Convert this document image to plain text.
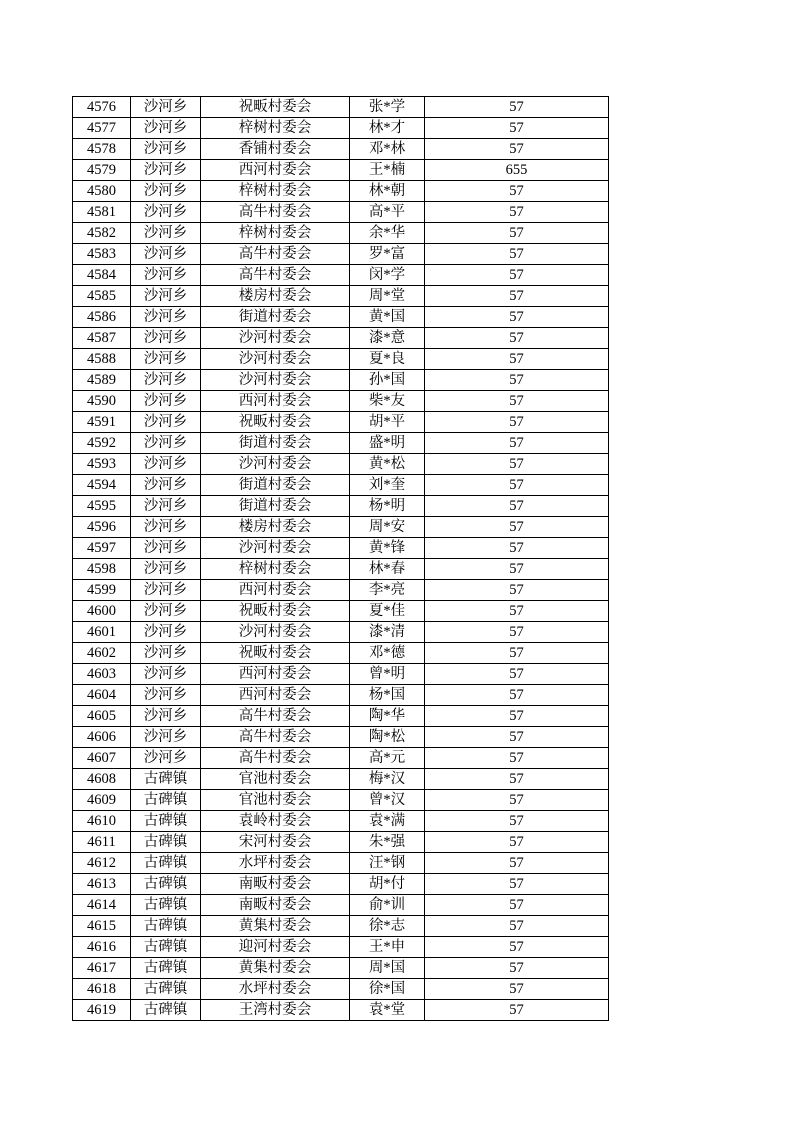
4576	沙河乡	祝畈村委会	张*学	57
4577	沙河乡	梓树村委会	林*才	57
4578	沙河乡	香铺村委会	邓*林	57
4579	沙河乡	西河村委会	王*楠	655
4580	沙河乡	梓树村委会	林*朝	57
4581	沙河乡	高牛村委会	高*平	57
4582	沙河乡	梓树村委会	余*华	57
4583	沙河乡	高牛村委会	罗*富	57
4584	沙河乡	高牛村委会	闵*学	57
4585	沙河乡	楼房村委会	周*堂	57
4586	沙河乡	街道村委会	黄*国	57
4587	沙河乡	沙河村委会	漆*意	57
4588	沙河乡	沙河村委会	夏*良	57
4589	沙河乡	沙河村委会	孙*国	57
4590	沙河乡	西河村委会	柴*友	57
4591	沙河乡	祝畈村委会	胡*平	57
4592	沙河乡	街道村委会	盛*明	57
4593	沙河乡	沙河村委会	黄*松	57
4594	沙河乡	街道村委会	刘*奎	57
4595	沙河乡	街道村委会	杨*明	57
4596	沙河乡	楼房村委会	周*安	57
4597	沙河乡	沙河村委会	黄*锋	57
4598	沙河乡	梓树村委会	林*春	57
4599	沙河乡	西河村委会	李*亮	57
4600	沙河乡	祝畈村委会	夏*佳	57
4601	沙河乡	沙河村委会	漆*清	57
4602	沙河乡	祝畈村委会	邓*德	57
4603	沙河乡	西河村委会	曾*明	57
4604	沙河乡	西河村委会	杨*国	57
4605	沙河乡	高牛村委会	陶*华	57
4606	沙河乡	高牛村委会	陶*松	57
4607	沙河乡	高牛村委会	高*元	57
4608	古碑镇	官池村委会	梅*汉	57
4609	古碑镇	官池村委会	曾*汉	57
4610	古碑镇	袁岭村委会	袁*满	57
4611	古碑镇	宋河村委会	朱*强	57
4612	古碑镇	水坪村委会	汪*钢	57
4613	古碑镇	南畈村委会	胡*付	57
4614	古碑镇	南畈村委会	俞*训	57
4615	古碑镇	黄集村委会	徐*志	57
4616	古碑镇	迎河村委会	王*申	57
4617	古碑镇	黄集村委会	周*国	57
4618	古碑镇	水坪村委会	徐*国	57
4619	古碑镇	王湾村委会	袁*堂	57
